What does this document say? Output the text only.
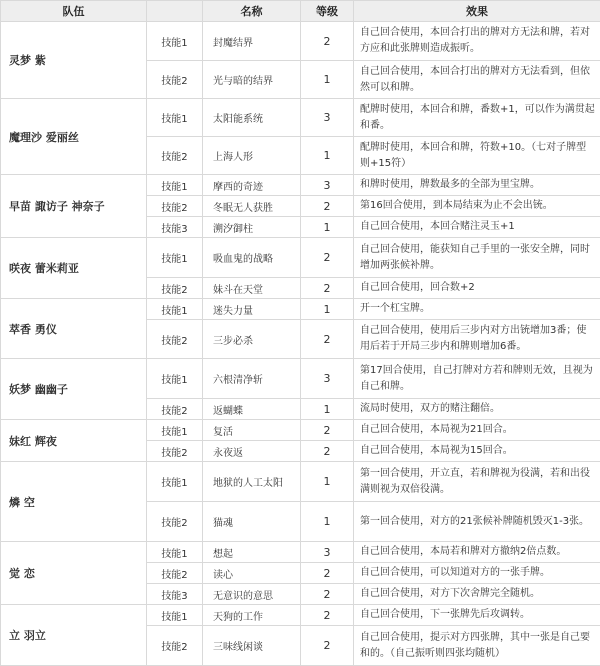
队伍		名称	等级	效果
灵梦 紫	技能1	封魔结界	2	自己回合使用，本回合打出的牌对方无法和牌，若对方应和此张牌则造成振听。
	技能2	光与暗的结界	1	自己回合使用，本回合打出的牌对方无法看到，但依然可以和牌。
魔理沙 爱丽丝	技能1	太阳能系统	3	配牌时使用，本回合和牌，番数+1，可以作为满贯起和番。
	技能2	上海人形	1	配牌时使用，本回合和牌，符数+10。（七对子牌型则+15符）
早苗 諏访子 神奈子	技能1	摩西的奇迹	3	和牌时使用，牌数最多的全部为里宝牌。
	技能2	冬眠无人获胜	2	第16回合使用，到本局结束为止不会出铳。
	技能3	溯汐御柱	1	自己回合使用，本回合赌注灵玉+1
咲夜 蕾米莉亚	技能1	吸血鬼的战略	2	自己回合使用，能获知自己手里的一张安全牌，同时增加两张候补牌。
	技能2	妹斗在天堂	2	自己回合使用，回合数+2
萃香 勇仪	技能1	迷失力量	1	开一个杠宝牌。
	技能2	三步必杀	2	自己回合使用，使用后三步内对方出铳增加3番；使用后若于开局三步内和牌则增加6番。
妖梦 幽幽子	技能1	六根清净斩	3	第17回合使用，自己打牌对方若和牌则无效，且视为自己和牌。
	技能2	返蝴蝶	1	流局时使用，双方的赌注翻倍。
妹红 辉夜	技能1	复活	2	自己回合使用，本局视为21回合。
	技能2	永夜返	2	自己回合使用，本局视为15回合。
燐 空	技能1	地狱的人工太阳	1	第一回合使用，开立直，若和牌视为役满，若和出役满则视为双倍役满。
	技能2	猫魂	1	第一回合使用，对方的21张候补牌随机毁灭1-3张。
觉 恋	技能1	想起	3	自己回合使用，本局若和牌对方撤纳2倍点数。
	技能2	读心	2	自己回合使用，可以知道对方的一张手牌。
	技能3	无意识的意思	2	自己回合使用，对方下次舍牌完全随机。
立 羽立	技能1	天狗的工作	2	自己回合使用，下一张牌先后攻调转。
	技能2	三味线闲谈	2	自己回合使用，提示对方四张牌，其中一张是自己要和的。（自己振听则四张均随机）
